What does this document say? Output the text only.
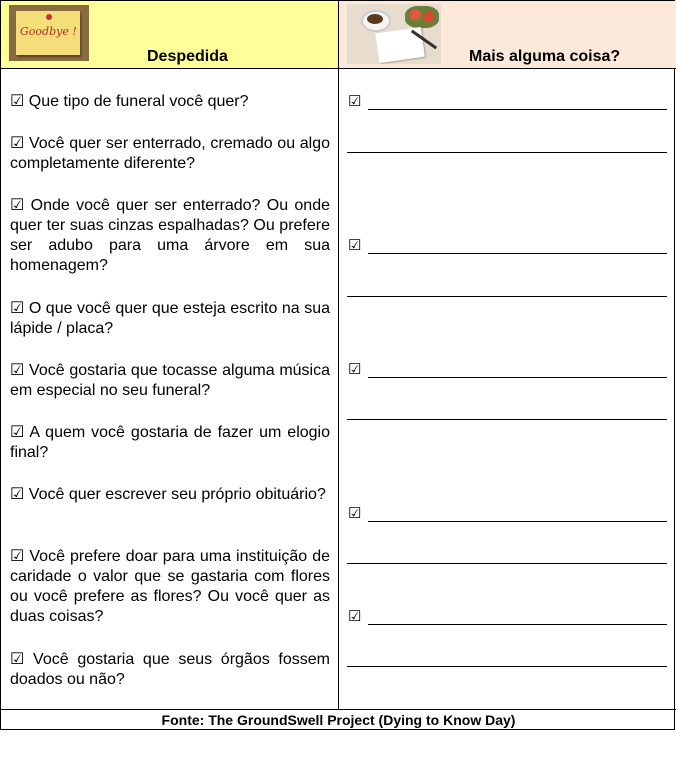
Goodbye !
Despedida	Mais alguma coisa?
☑ Que tipo de funeral você quer?
☑ Você quer ser enterrado, cremado ou algo completamente diferente?
☑ Onde você quer ser enterrado? Ou onde quer ter suas cinzas espalhadas? Ou prefere ser adubo para uma árvore em sua homenagem?
☑ O que você quer que esteja escrito na sua lápide / placa?
☑ Você gostaria que tocasse alguma música em especial no seu funeral?
☑ A quem você gostaria de fazer um elogio final?
☑ Você quer escrever seu próprio obituário?
☑ Você prefere doar para uma instituição de caridade o valor que se gastaria com flores ou você prefere as flores? Ou você quer as duas coisas?
☑ Você gostaria que seus órgãos fossem doados ou não?
☑
☑
☑
☑
☑
Fonte: The GroundSwell Project (Dying to Know Day)
